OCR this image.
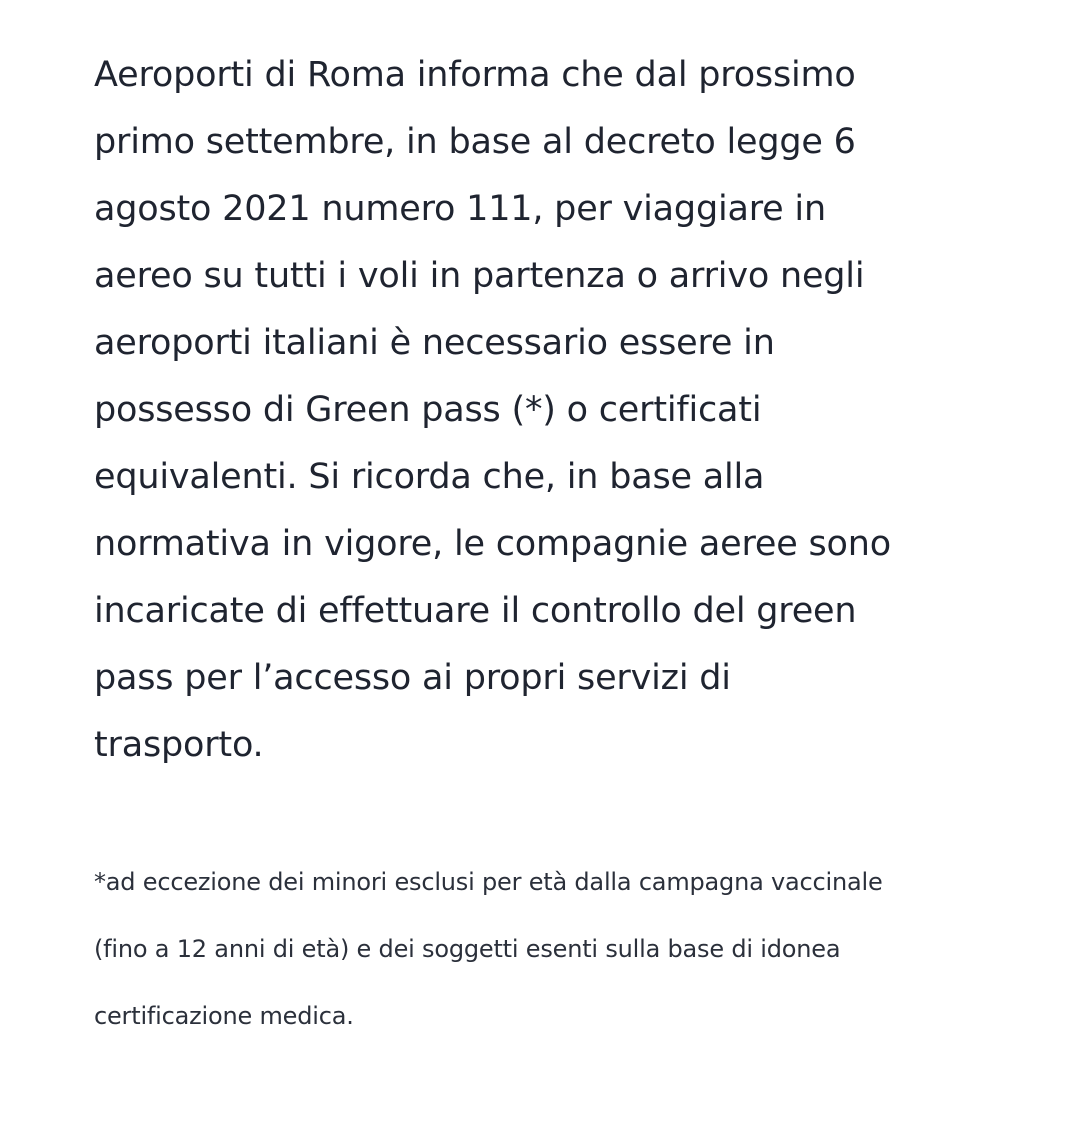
Aeroporti di Roma informa che dal prossimo
primo settembre, in base al decreto legge 6
agosto 2021 numero 111, per viaggiare in
aereo su tutti i voli in partenza o arrivo negli
aeroporti italiani è necessario essere in
possesso di Green pass (*) o certificati
equivalenti. Si ricorda che, in base alla
normativa in vigore, le compagnie aeree sono
incaricate di effettuare il controllo del green
pass per l’accesso ai propri servizi di
trasporto.

*ad eccezione dei minori esclusi per età dalla campagna vaccinale
(fino a 12 anni di età) e dei soggetti esenti sulla base di idonea
certificazione medica.
